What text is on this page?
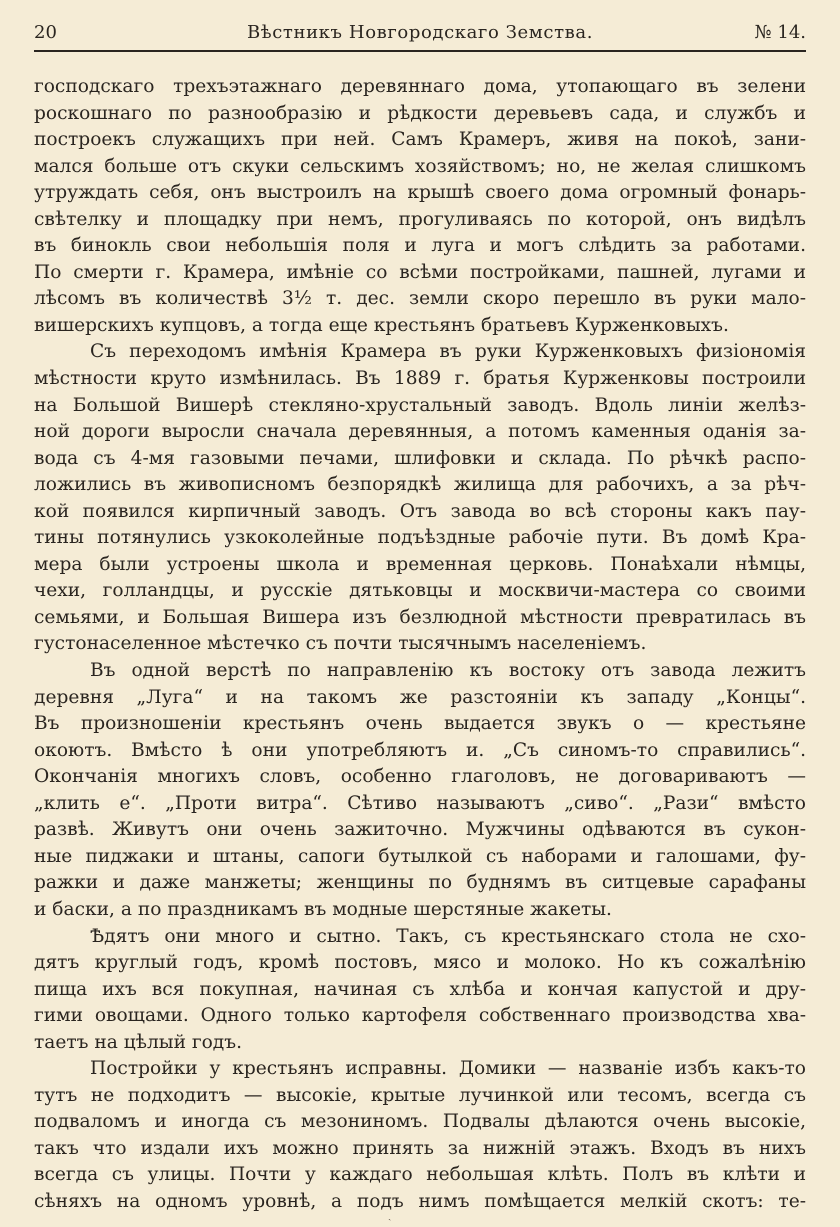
20	Вѣстникъ Новгородскаго Земства.	№ 14.
господскаго трехъэтажнаго деревяннаго дома, утопающаго въ зелени
роскошнаго по разнообразію и рѣдкости деревьевъ сада, и службъ и
построекъ служащихъ при ней. Самъ Крамеръ, живя на покоѣ, зани-
мался больше отъ скуки сельскимъ хозяйствомъ; но, не желая слишкомъ
утруждать себя, онъ выстроилъ на крышѣ своего дома огромный фонарь-
свѣтелку и площадку при немъ, прогуливаясь по которой, онъ видѣлъ
въ бинокль свои небольшія поля и луга и могъ слѣдить за работами.
По смерти г. Крамера, имѣніе со всѣми постройками, пашней, лугами и
лѣсомъ въ количествѣ 3½ т. дес. земли скоро перешло въ руки мало-
вишерскихъ купцовъ, а тогда еще крестьянъ братьевъ Курженковыхъ.
Съ переходомъ имѣнія Крамера въ руки Курженковыхъ физіономія
мѣстности круто измѣнилась. Въ 1889 г. братья Курженковы построили
на Большой Вишерѣ стекляно-хрустальный заводъ. Вдоль линіи желѣз-
ной дороги выросли сначала деревянныя, а потомъ каменныя оданія за-
вода съ 4-мя газовыми печами, шлифовки и склада. По рѣчкѣ распо-
ложились въ живописномъ безпорядкѣ жилища для рабочихъ, а за рѣч-
кой появился кирпичный заводъ. Отъ завода во всѣ стороны какъ пау-
тины потянулись узкоколейные подъѣздные рабочіе пути. Въ домѣ Кра-
мера были устроены школа и временная церковь. Понаѣхали нѣмцы,
чехи, голландцы, и русскіе дятьковцы и москвичи-мастера со своими
семьями, и Большая Вишера изъ безлюдной мѣстности превратилась въ
густонаселенное мѣстечко съ почти тысячнымъ населеніемъ.
Въ одной верстѣ по направленію къ востоку отъ завода лежитъ
деревня „Луга“ и на такомъ же разстояніи къ западу „Концы“.
Въ произношеніи крестьянъ очень выдается звукъ о — крестьяне
окоютъ. Вмѣсто ѣ они употребляютъ и. „Съ синомъ-то справились“.
Окончанія многихъ словъ, особенно глаголовъ, не договариваютъ —
„клить е“. „Проти витра“. Сѣтиво называютъ „сиво“. „Рази“ вмѣсто
развѣ. Живутъ они очень зажиточно. Мужчины одѣваются въ сукон-
ные пиджаки и штаны, сапоги бутылкой съ наборами и галошами, фу-
ражки и даже манжеты; женщины по буднямъ въ ситцевые сарафаны
и баски, а по праздникамъ въ модные шерстяные жакеты.
Ѣдятъ они много и сытно. Такъ, съ крестьянскаго стола не схо-
дятъ круглый годъ, кромѣ постовъ, мясо и молоко. Но къ сожалѣнію
пища ихъ вся покупная, начиная съ хлѣба и кончая капустой и дру-
гими овощами. Одного только картофеля собственнаго производства хва-
таетъ на цѣлый годъ.
Постройки у крестьянъ исправны. Домики — названіе избъ какъ-то
тутъ не подходитъ — высокіе, крытые лучинкой или тесомъ, всегда съ
подваломъ и иногда съ мезониномъ. Подвалы дѣлаются очень высокіе,
такъ что издали ихъ можно принять за нижній этажъ. Входъ въ нихъ
всегда съ улицы. Почти у каждаго небольшая клѣть. Полъ въ клѣти и
сѣняхъ на одномъ уровнѣ, а подъ нимъ помѣщается мелкій скотъ: те-
ˎ
